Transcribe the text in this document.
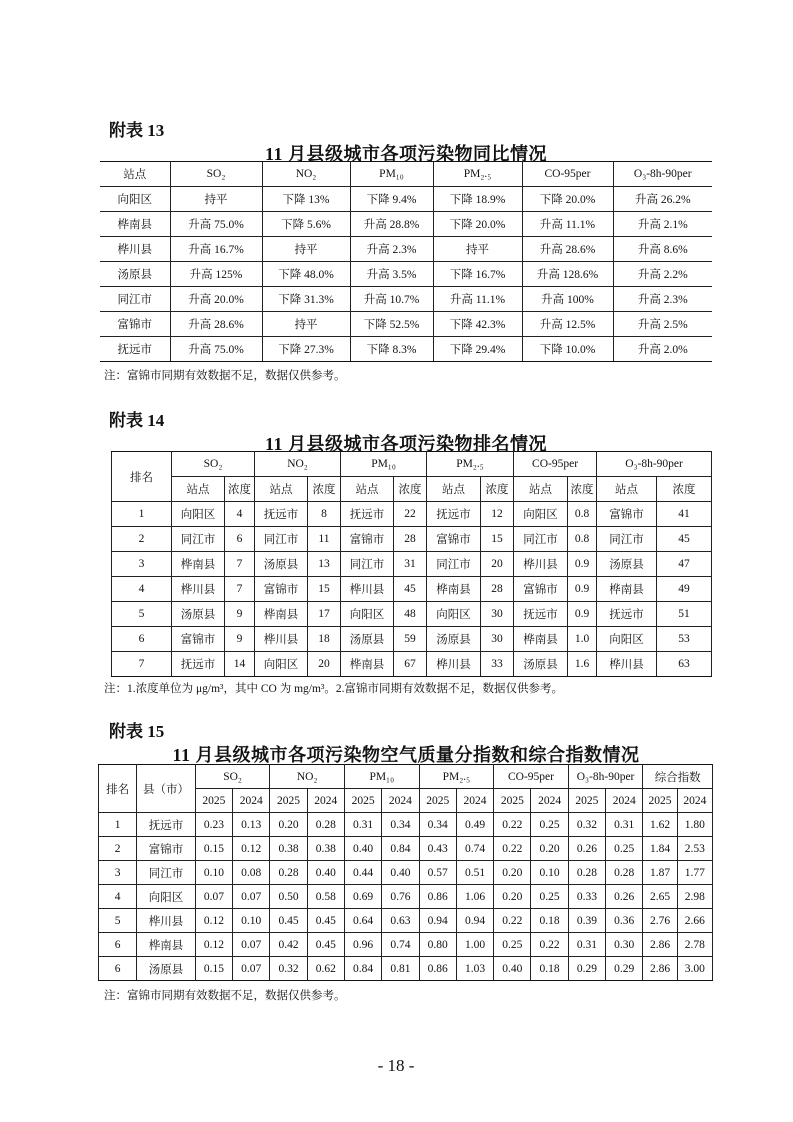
附表 13
11 月县级城市各项污染物同比情况
站点	SO₂	NO₂	PM₁₀	PM₂.₅	CO-95per	O₃-8h-90per
向阳区	持平	下降 13%	下降 9.4%	下降 18.9%	下降 20.0%	升高 26.2%
桦南县	升高 75.0%	下降 5.6%	升高 28.8%	下降 20.0%	升高 11.1%	升高 2.1%
桦川县	升高 16.7%	持平	升高 2.3%	持平	升高 28.6%	升高 8.6%
汤原县	升高 125%	下降 48.0%	升高 3.5%	下降 16.7%	升高 128.6%	升高 2.2%
同江市	升高 20.0%	下降 31.3%	升高 10.7%	升高 11.1%	升高 100%	升高 2.3%
富锦市	升高 28.6%	持平	下降 52.5%	下降 42.3%	升高 12.5%	升高 2.5%
抚远市	升高 75.0%	下降 27.3%	下降 8.3%	下降 29.4%	下降 10.0%	升高 2.0%
注：富锦市同期有效数据不足，数据仅供参考。
附表 14
11 月县级城市各项污染物排名情况
排名	SO₂		NO₂		PM₁₀		PM₂.₅		CO-95per		O₃-8h-90per	
	站点	浓度	站点	浓度	站点	浓度	站点	浓度	站点	浓度	站点	浓度
1	向阳区	4	抚远市	8	抚远市	22	抚远市	12	向阳区	0.8	富锦市	41
2	同江市	6	同江市	11	富锦市	28	富锦市	15	同江市	0.8	同江市	45
3	桦南县	7	汤原县	13	同江市	31	同江市	20	桦川县	0.9	汤原县	47
4	桦川县	7	富锦市	15	桦川县	45	桦南县	28	富锦市	0.9	桦南县	49
5	汤原县	9	桦南县	17	向阳区	48	向阳区	30	抚远市	0.9	抚远市	51
6	富锦市	9	桦川县	18	汤原县	59	汤原县	30	桦南县	1.0	向阳区	53
7	抚远市	14	向阳区	20	桦南县	67	桦川县	33	汤原县	1.6	桦川县	63
注：1.浓度单位为 μg/m³，其中 CO 为 mg/m³。2.富锦市同期有效数据不足，数据仅供参考。
附表 15
11 月县级城市各项污染物空气质量分指数和综合指数情况
排名	县（市）	SO₂		NO₂		PM₁₀		PM₂.₅		CO-95per		O₃-8h-90per		综合指数	
		2025	2024	2025	2024	2025	2024	2025	2024	2025	2024	2025	2024	2025	2024
1	抚远市	0.23	0.13	0.20	0.28	0.31	0.34	0.34	0.49	0.22	0.25	0.32	0.31	1.62	1.80
2	富锦市	0.15	0.12	0.38	0.38	0.40	0.84	0.43	0.74	0.22	0.20	0.26	0.25	1.84	2.53
3	同江市	0.10	0.08	0.28	0.40	0.44	0.40	0.57	0.51	0.20	0.10	0.28	0.28	1.87	1.77
4	向阳区	0.07	0.07	0.50	0.58	0.69	0.76	0.86	1.06	0.20	0.25	0.33	0.26	2.65	2.98
5	桦川县	0.12	0.10	0.45	0.45	0.64	0.63	0.94	0.94	0.22	0.18	0.39	0.36	2.76	2.66
6	桦南县	0.12	0.07	0.42	0.45	0.96	0.74	0.80	1.00	0.25	0.22	0.31	0.30	2.86	2.78
6	汤原县	0.15	0.07	0.32	0.62	0.84	0.81	0.86	1.03	0.40	0.18	0.29	0.29	2.86	3.00
注：富锦市同期有效数据不足，数据仅供参考。
- 18 -
